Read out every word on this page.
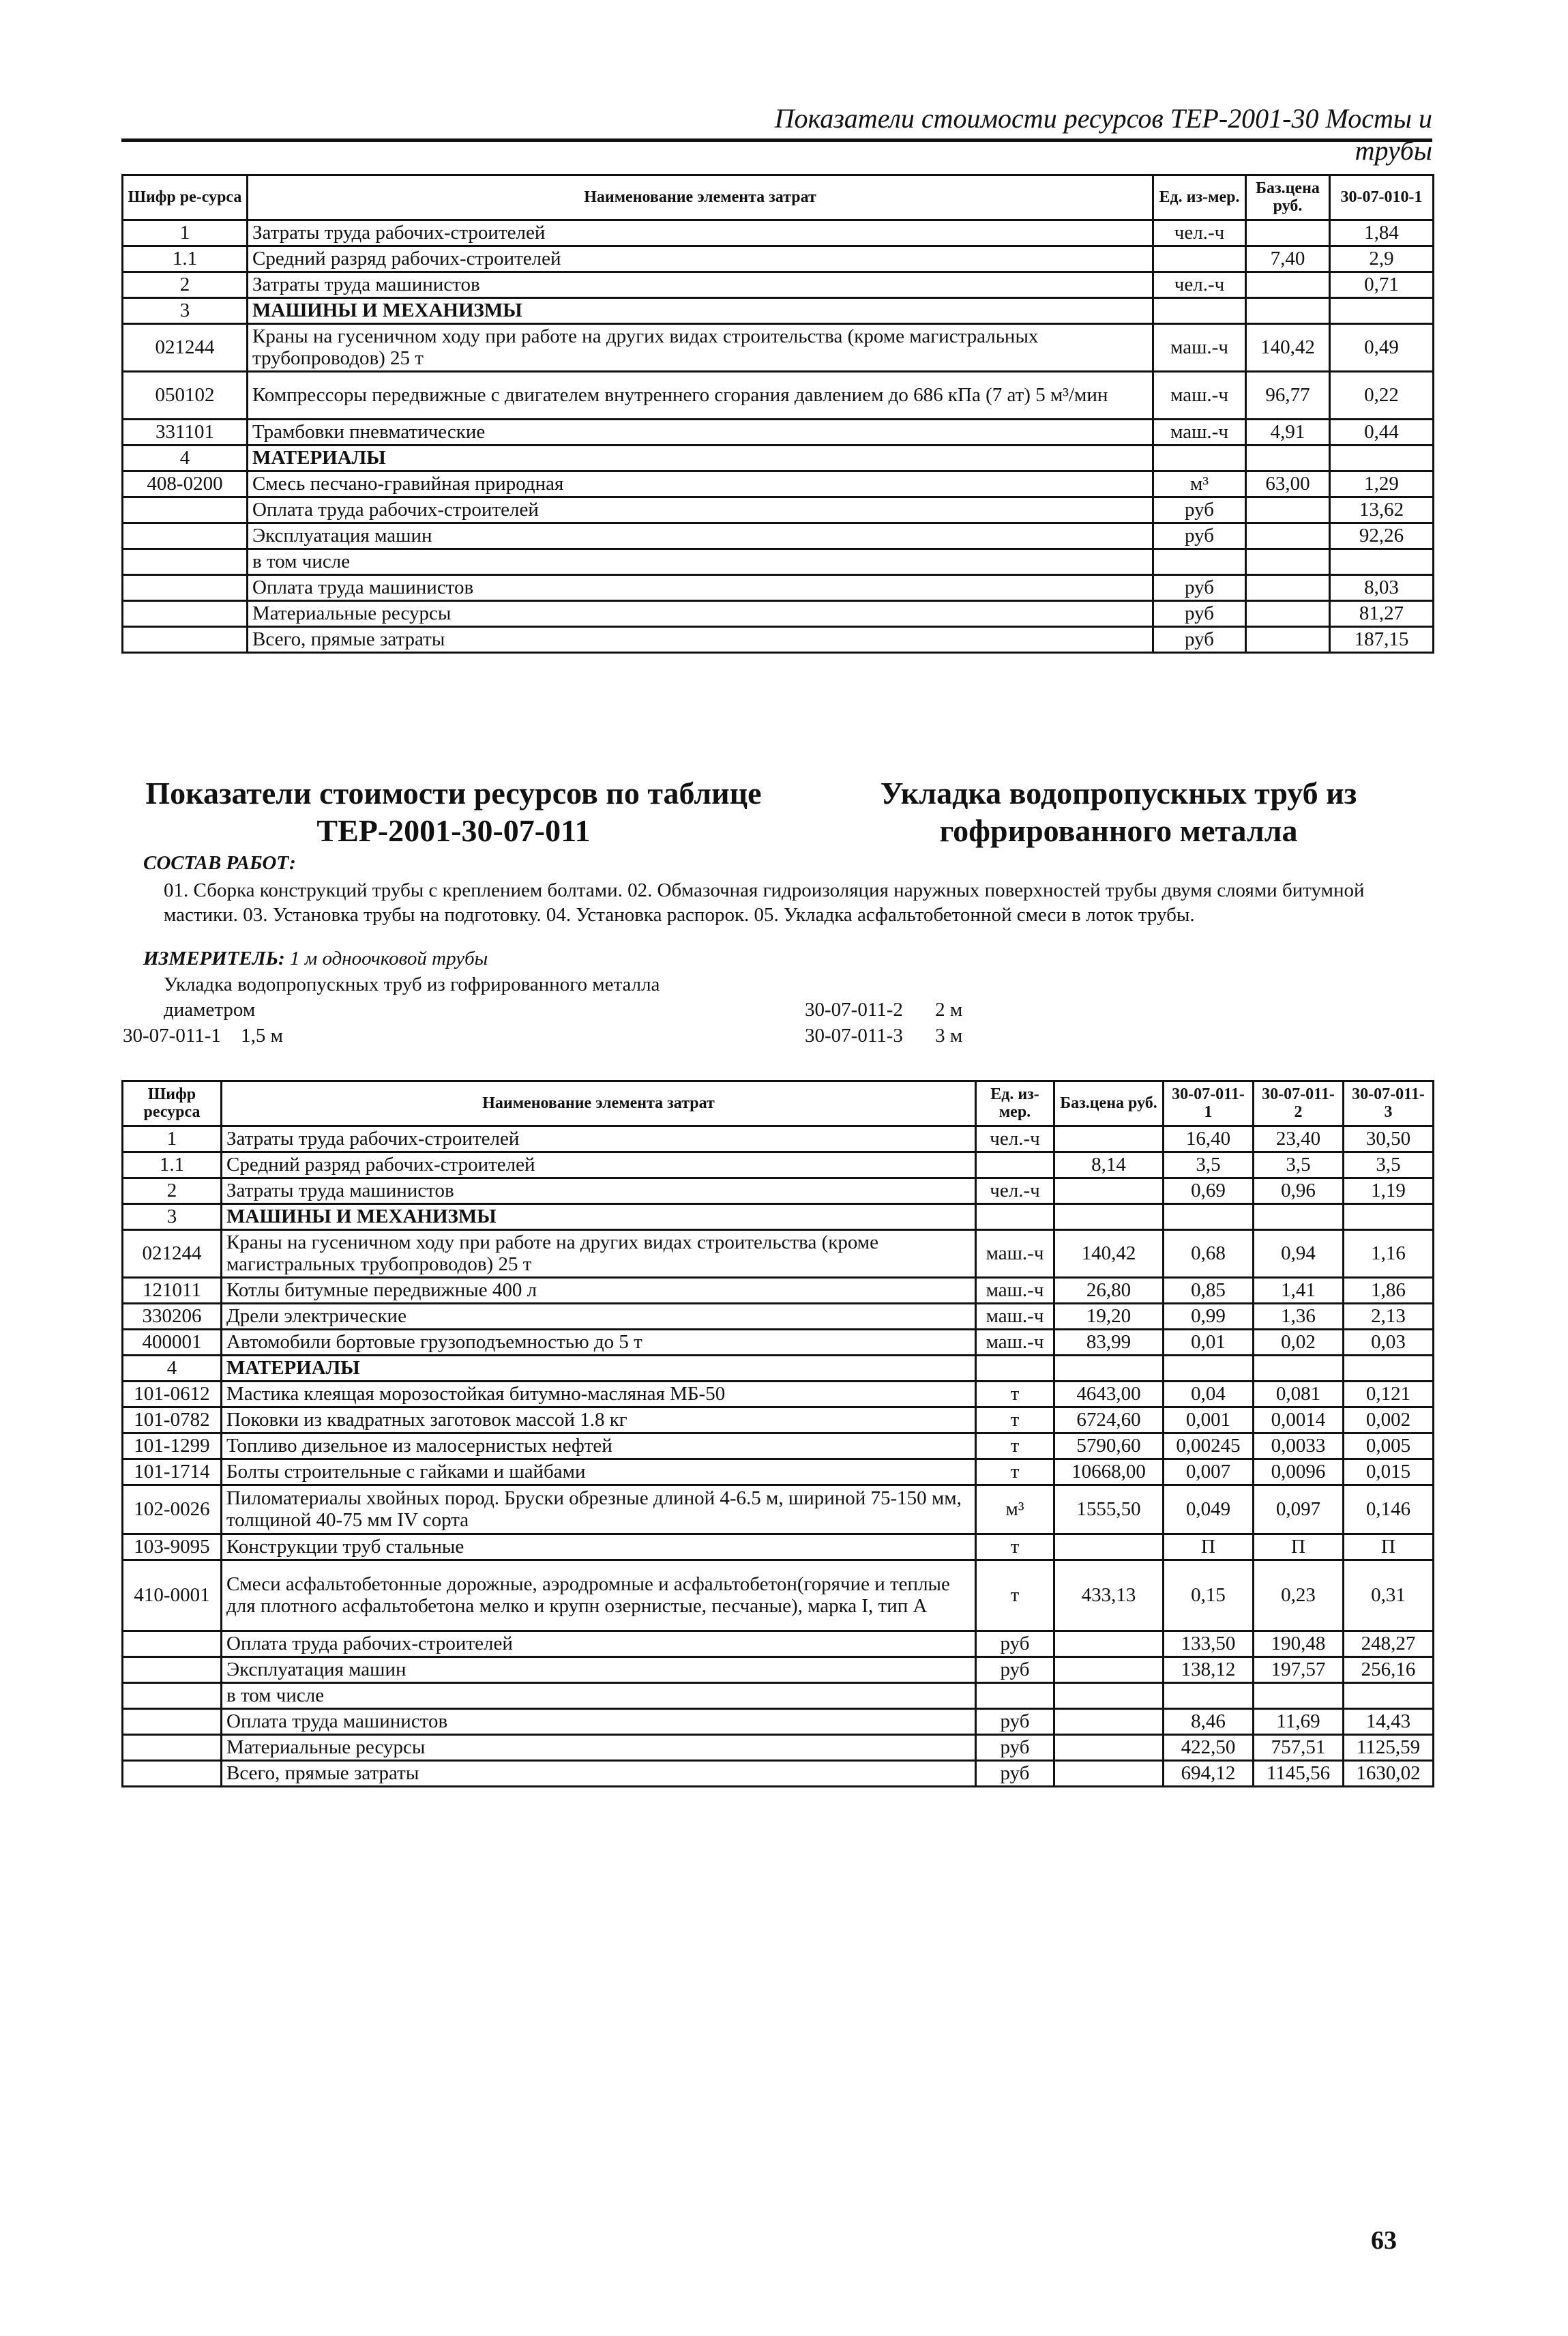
Показатели стоимости ресурсов ТЕР-2001-30 Мосты и трубы
Шифр ре-сурса	Наименование элемента затрат	Ед. из-мер.	Баз.цена руб.	30-07-010-1
1	Затраты труда рабочих-строителей	чел.-ч		1,84
1.1	Средний разряд рабочих-строителей		7,40	2,9
2	Затраты труда машинистов	чел.-ч		0,71
3	МАШИНЫ И МЕХАНИЗМЫ			
021244	Краны на гусеничном ходу при работе на других видах строительства (кроме магистральных трубопроводов) 25 т	маш.-ч	140,42	0,49
050102	Компрессоры передвижные с двигателем внутреннего сгорания давлением до 686 кПа (7 ат) 5 м³/мин	маш.-ч	96,77	0,22
331101	Трамбовки пневматические	маш.-ч	4,91	0,44
4	МАТЕРИАЛЫ			
408-0200	Смесь песчано-гравийная природная	м³	63,00	1,29
	Оплата труда рабочих-строителей	руб		13,62
	Эксплуатация машин	руб		92,26
	в том числе			
	Оплата труда машинистов	руб		8,03
	Материальные ресурсы	руб		81,27
	Всего, прямые затраты	руб		187,15
Показатели стоимости ресурсов по таблице ТЕР-2001-30-07-011
Укладка водопропускных труб из гофрированного металла
СОСТАВ РАБОТ:
01. Сборка конструкций трубы с креплением болтами. 02. Обмазочная гидроизоляция наружных поверхностей трубы двумя слоями битумной мастики. 03. Установка трубы на подготовку. 04. Установка распорок. 05. Укладка асфальтобетонной смеси в лоток трубы.
ИЗМЕРИТЕЛЬ: 1 м одноочковой трубы
Укладка водопропускных труб из гофрированного металла
диаметром
30-07-011-1 1,5 м
30-07-011-2 2 м
30-07-011-3 3 м
Шифр ресурса	Наименование элемента затрат	Ед. из-мер.	Баз.цена руб.	30-07-011-1	30-07-011-2	30-07-011-3
1	Затраты труда рабочих-строителей	чел.-ч		16,40	23,40	30,50
1.1	Средний разряд рабочих-строителей		8,14	3,5	3,5	3,5
2	Затраты труда машинистов	чел.-ч		0,69	0,96	1,19
3	МАШИНЫ И МЕХАНИЗМЫ					
021244	Краны на гусеничном ходу при работе на других видах строительства (кроме магистральных трубопроводов) 25 т	маш.-ч	140,42	0,68	0,94	1,16
121011	Котлы битумные передвижные 400 л	маш.-ч	26,80	0,85	1,41	1,86
330206	Дрели электрические	маш.-ч	19,20	0,99	1,36	2,13
400001	Автомобили бортовые грузоподъемностью до 5 т	маш.-ч	83,99	0,01	0,02	0,03
4	МАТЕРИАЛЫ					
101-0612	Мастика клеящая морозостойкая битумно-масляная МБ-50	т	4643,00	0,04	0,081	0,121
101-0782	Поковки из квадратных заготовок массой 1.8 кг	т	6724,60	0,001	0,0014	0,002
101-1299	Топливо дизельное из малосернистых нефтей	т	5790,60	0,00245	0,0033	0,005
101-1714	Болты строительные с гайками и шайбами	т	10668,00	0,007	0,0096	0,015
102-0026	Пиломатериалы хвойных пород. Бруски обрезные длиной 4-6.5 м, шириной 75-150 мм, толщиной 40-75 мм IV сорта	м³	1555,50	0,049	0,097	0,146
103-9095	Конструкции труб стальные	т		П	П	П
410-0001	Смеси асфальтобетонные дорожные, аэродромные и асфальтобетон(горячие и теплые для плотного асфальтобетона мелко и крупн озернистые, песчаные), марка I, тип А	т	433,13	0,15	0,23	0,31
	Оплата труда рабочих-строителей	руб		133,50	190,48	248,27
	Эксплуатация машин	руб		138,12	197,57	256,16
	в том числе					
	Оплата труда машинистов	руб		8,46	11,69	14,43
	Материальные ресурсы	руб		422,50	757,51	1125,59
	Всего, прямые затраты	руб		694,12	1145,56	1630,02
63
